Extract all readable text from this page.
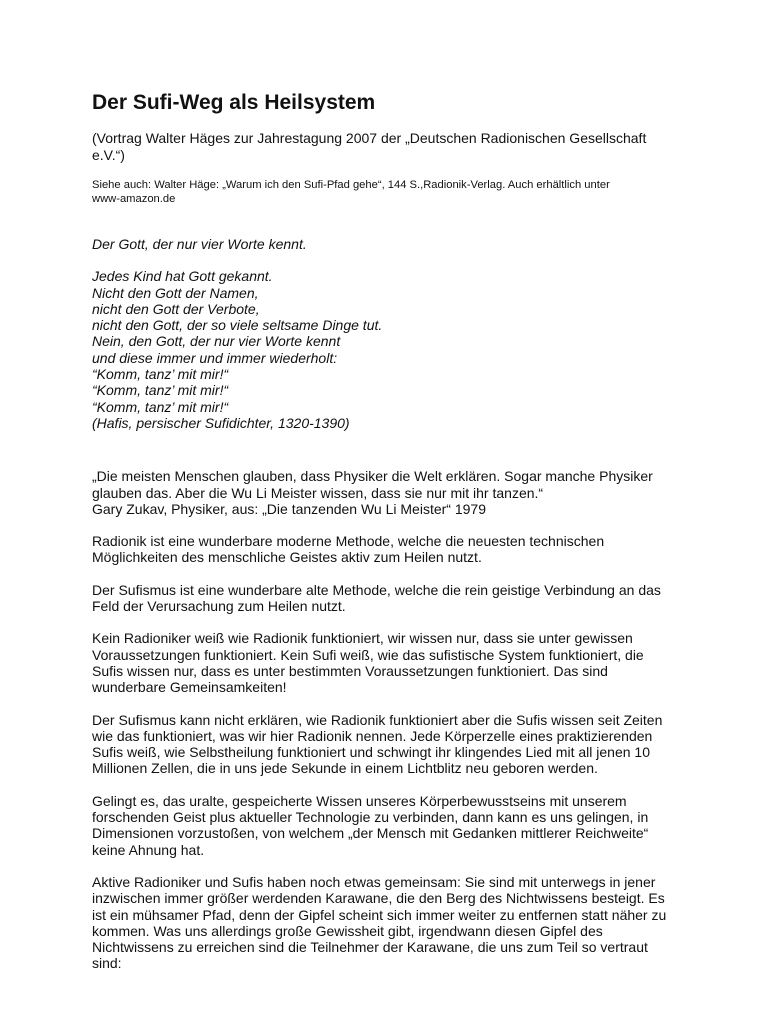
Der Sufi-Weg als Heilsystem

(Vortrag Walter Häges zur Jahrestagung 2007 der „Deutschen Radionischen Gesellschaft
e.V.“)

Siehe auch: Walter Häge: „Warum ich den Sufi-Pfad gehe“, 144 S.,Radionik-Verlag. Auch erhältlich unter
www-amazon.de

Der Gott, der nur vier Worte kennt.
Jedes Kind hat Gott gekannt.
Nicht den Gott der Namen,
nicht den Gott der Verbote,
nicht den Gott, der so viele seltsame Dinge tut.
Nein, den Gott, der nur vier Worte kennt
und diese immer und immer wiederholt:
“Komm, tanz’ mit mir!“
“Komm, tanz’ mit mir!“
“Komm, tanz’ mit mir!“
(Hafis, persischer Sufidichter, 1320-1390)

„Die meisten Menschen glauben, dass Physiker die Welt erklären. Sogar manche Physiker
glauben das. Aber die Wu Li Meister wissen, dass sie nur mit ihr tanzen.“
Gary Zukav, Physiker, aus: „Die tanzenden Wu Li Meister“ 1979

Radionik ist eine wunderbare moderne Methode, welche die neuesten technischen
Möglichkeiten des menschliche Geistes aktiv zum Heilen nutzt.

Der Sufismus ist eine wunderbare alte Methode, welche die rein geistige Verbindung an das
Feld der Verursachung zum Heilen nutzt.

Kein Radioniker weiß wie Radionik funktioniert, wir wissen nur, dass sie unter gewissen
Voraussetzungen funktioniert. Kein Sufi weiß, wie das sufistische System funktioniert, die
Sufis wissen nur, dass es unter bestimmten Voraussetzungen funktioniert. Das sind
wunderbare Gemeinsamkeiten!

Der Sufismus kann nicht erklären, wie Radionik funktioniert aber die Sufis wissen seit Zeiten
wie das funktioniert, was wir hier Radionik nennen. Jede Körperzelle eines praktizierenden
Sufis weiß, wie Selbstheilung funktioniert und schwingt ihr klingendes Lied mit all jenen 10
Millionen Zellen, die in uns jede Sekunde in einem Lichtblitz neu geboren werden.

Gelingt es, das uralte, gespeicherte Wissen unseres Körperbewusstseins mit unserem
forschenden Geist plus aktueller Technologie zu verbinden, dann kann es uns gelingen, in
Dimensionen vorzustoßen, von welchem „der Mensch mit Gedanken mittlerer Reichweite“
keine Ahnung hat.

Aktive Radioniker und Sufis haben noch etwas gemeinsam: Sie sind mit unterwegs in jener
inzwischen immer größer werdenden Karawane, die den Berg des Nichtwissens besteigt. Es
ist ein mühsamer Pfad, denn der Gipfel scheint sich immer weiter zu entfernen statt näher zu
kommen. Was uns allerdings große Gewissheit gibt, irgendwann diesen Gipfel des
Nichtwissens zu erreichen sind die Teilnehmer der Karawane, die uns zum Teil so vertraut
sind:
